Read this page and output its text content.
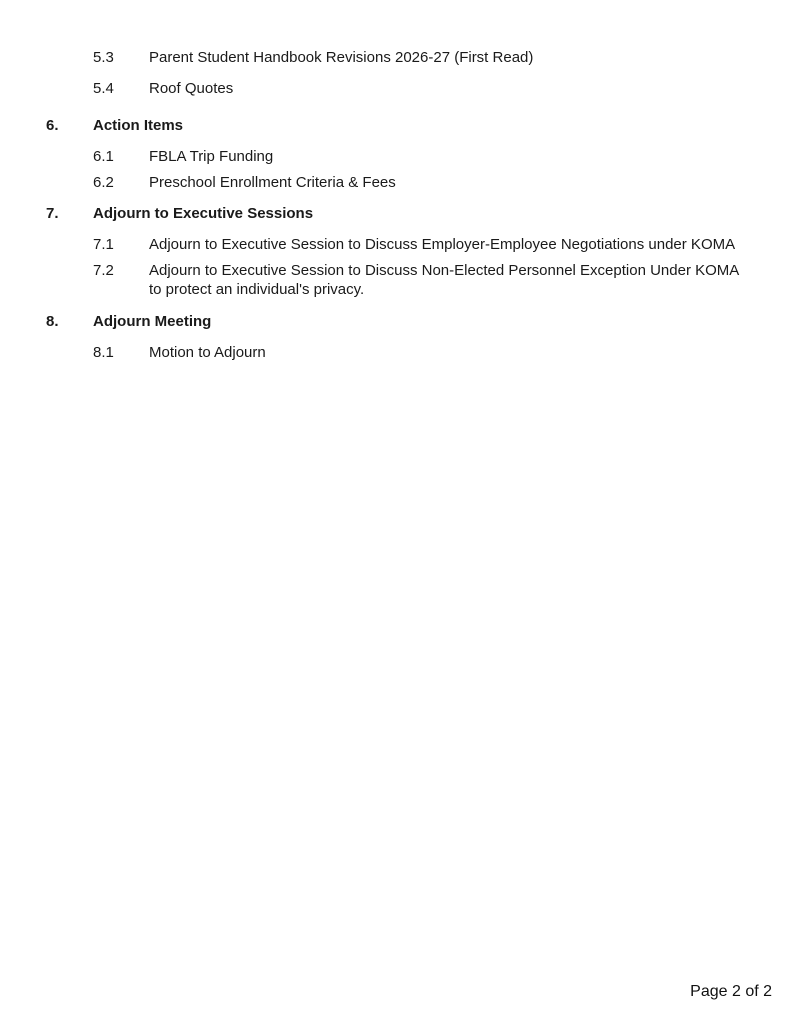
5.3 Parent Student Handbook Revisions 2026-27 (First Read)
5.4 Roof Quotes
6. Action Items
6.1 FBLA Trip Funding
6.2 Preschool Enrollment Criteria & Fees
7. Adjourn to Executive Sessions
7.1 Adjourn to Executive Session to Discuss Employer-Employee Negotiations under KOMA
7.2 Adjourn to Executive Session to Discuss Non-Elected Personnel Exception Under KOMA to protect an individual's privacy.
8. Adjourn Meeting
8.1 Motion to Adjourn
Page 2 of 2
